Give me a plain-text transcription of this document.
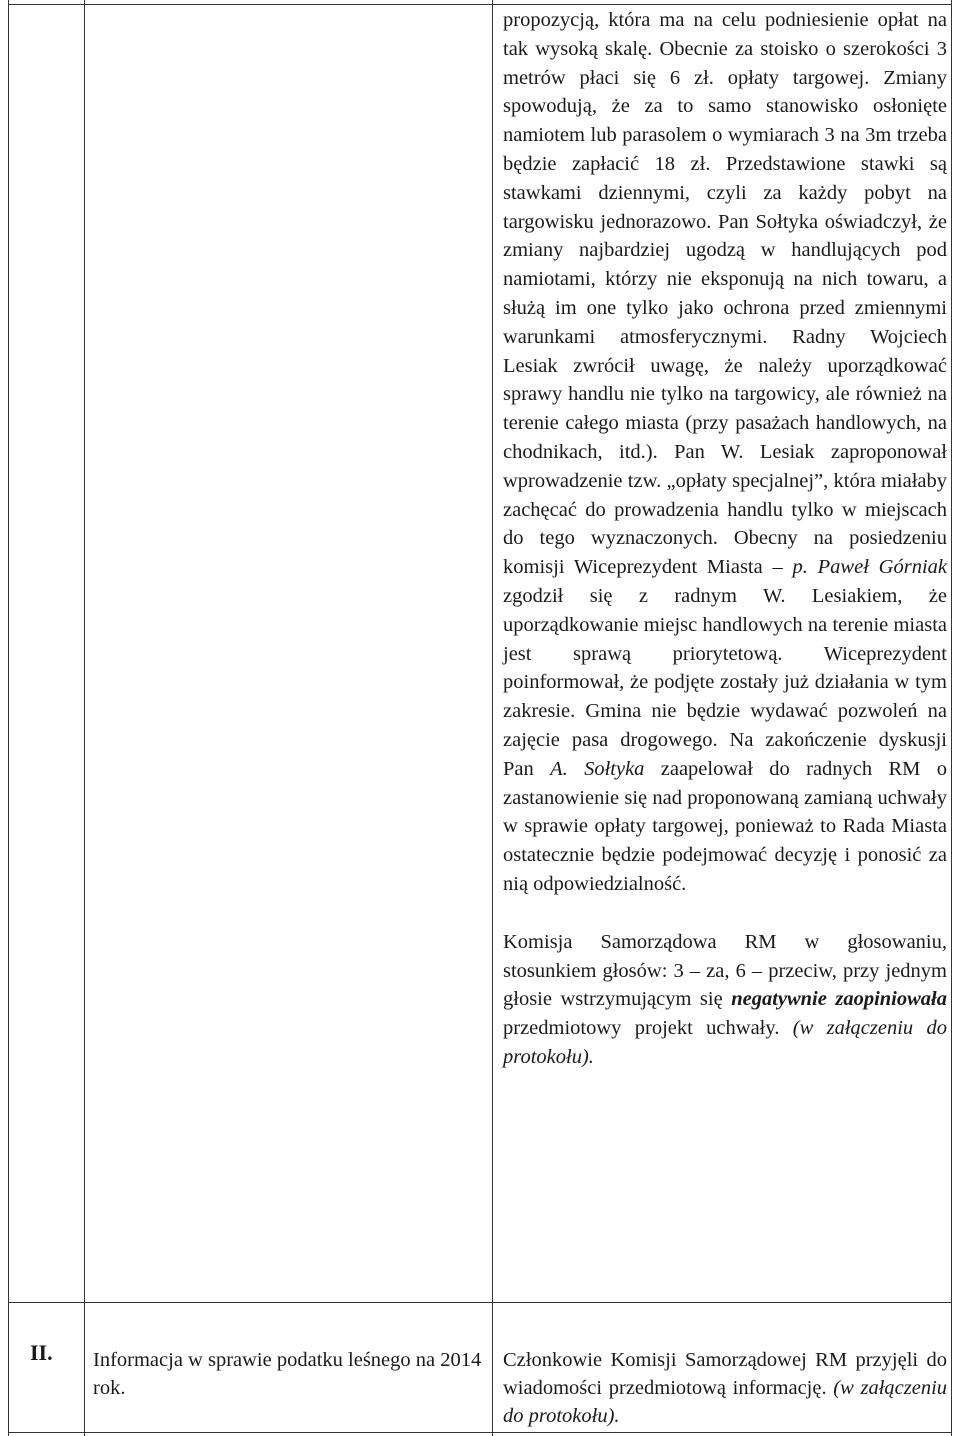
propozycją, która ma na celu podniesienie opłat na tak wysoką skalę. Obecnie za stoisko o szerokości 3 metrów płaci się 6 zł. opłaty targowej. Zmiany spowodują, że za to samo stanowisko osłonięte namiotem lub parasolem o wymiarach 3 na 3m trzeba będzie zapłacić 18 zł. Przedstawione stawki są stawkami dziennymi, czyli za każdy pobyt na targowisku jednorazowo. Pan Sołtyka oświadczył, że zmiany najbardziej ugodzą w handlujących pod namiotami, którzy nie eksponują na nich towaru, a służą im one tylko jako ochrona przed zmiennymi warunkami atmosferycznymi. Radny Wojciech Lesiak zwrócił uwagę, że należy uporządkować sprawy handlu nie tylko na targowicy, ale również na terenie całego miasta (przy pasażach handlowych, na chodnikach, itd.). Pan W. Lesiak zaproponował wprowadzenie tzw. „opłaty specjalnej”, która miałaby zachęcać do prowadzenia handlu tylko w miejscach do tego wyznaczonych. Obecny na posiedzeniu komisji Wiceprezydent Miasta – p. Paweł Górniak zgodził się z radnym W. Lesiakiem, że uporządkowanie miejsc handlowych na terenie miasta jest sprawą priorytetową. Wiceprezydent poinformował, że podjęte zostały już działania w tym zakresie. Gmina nie będzie wydawać pozwoleń na zajęcie pasa drogowego. Na zakończenie dyskusji Pan A. Sołtyka zaapelował do radnych RM o zastanowienie się nad proponowaną zamianą uchwały w sprawie opłaty targowej, ponieważ to Rada Miasta ostatecznie będzie podejmować decyzję i ponosić za nią odpowiedzialność.

Komisja Samorządowa RM w głosowaniu, stosunkiem głosów: 3 – za, 6 – przeciw, przy jednym głosie wstrzymującym się negatywnie zaopiniowała przedmiotowy projekt uchwały. (w załączeniu do protokołu).

II. Informacja w sprawie podatku leśnego na 2014 rok.

Członkowie Komisji Samorządowej RM przyjęli do wiadomości przedmiotową informację. (w załączeniu do protokołu).
